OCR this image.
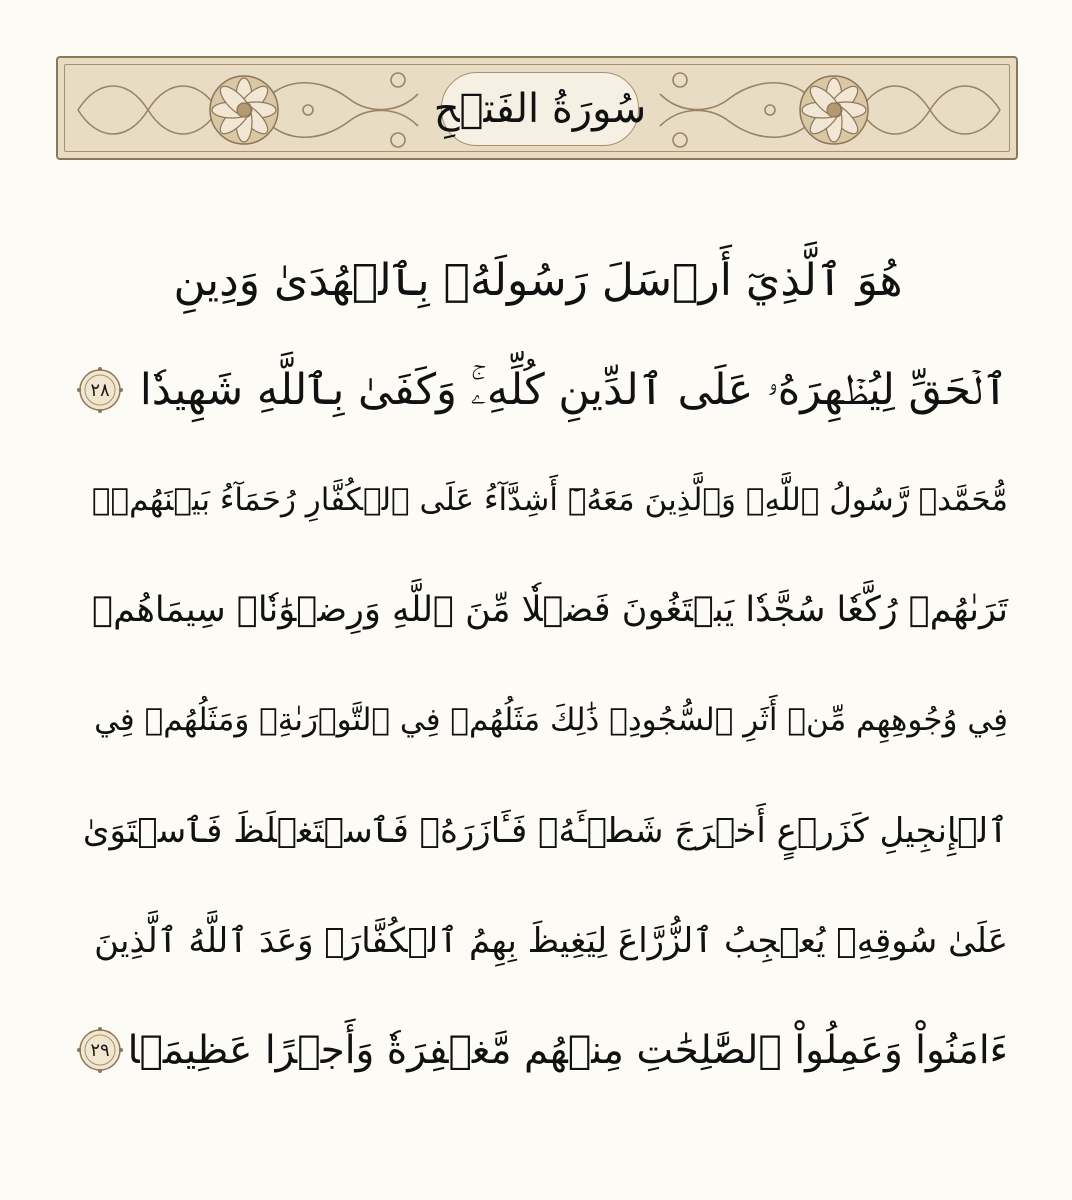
سُورَةُ الفَتۡحِ
هُوَ ٱلَّذِيٓ أَرۡسَلَ رَسُولَهُۥ بِٱلۡهُدَىٰ وَدِينِ
ٱلۡحَقِّ لِيُظۡهِرَهُۥ عَلَى ٱلدِّينِ كُلِّهِۦۚ وَكَفَىٰ بِٱللَّهِ شَهِيدٗا
٢٨
مُّحَمَّدٞ رَّسُولُ ٱللَّهِۚ وَٱلَّذِينَ مَعَهُۥٓ أَشِدَّآءُ عَلَى ٱلۡكُفَّارِ رُحَمَآءُ بَيۡنَهُمۡۖ
تَرَىٰهُمۡ رُكَّعٗا سُجَّدٗا يَبۡتَغُونَ فَضۡلٗا مِّنَ ٱللَّهِ وَرِضۡوَٰنٗاۖ سِيمَاهُمۡ
فِي وُجُوهِهِم مِّنۡ أَثَرِ ٱلسُّجُودِۚ ذَٰلِكَ مَثَلُهُمۡ فِي ٱلتَّوۡرَىٰةِۚ وَمَثَلُهُمۡ فِي
ٱلۡإِنجِيلِ كَزَرۡعٍ أَخۡرَجَ شَطۡـَٔهُۥ فَـَٔازَرَهُۥ فَٱسۡتَغۡلَظَ فَٱسۡتَوَىٰ
عَلَىٰ سُوقِهِۦ يُعۡجِبُ ٱلزُّرَّاعَ لِيَغِيظَ بِهِمُ ٱلۡكُفَّارَۗ وَعَدَ ٱللَّهُ ٱلَّذِينَ
ءَامَنُواْ وَعَمِلُواْ ٱلصَّٰلِحَٰتِ مِنۡهُم مَّغۡفِرَةٗ وَأَجۡرًا عَظِيمَۢا
٢٩
